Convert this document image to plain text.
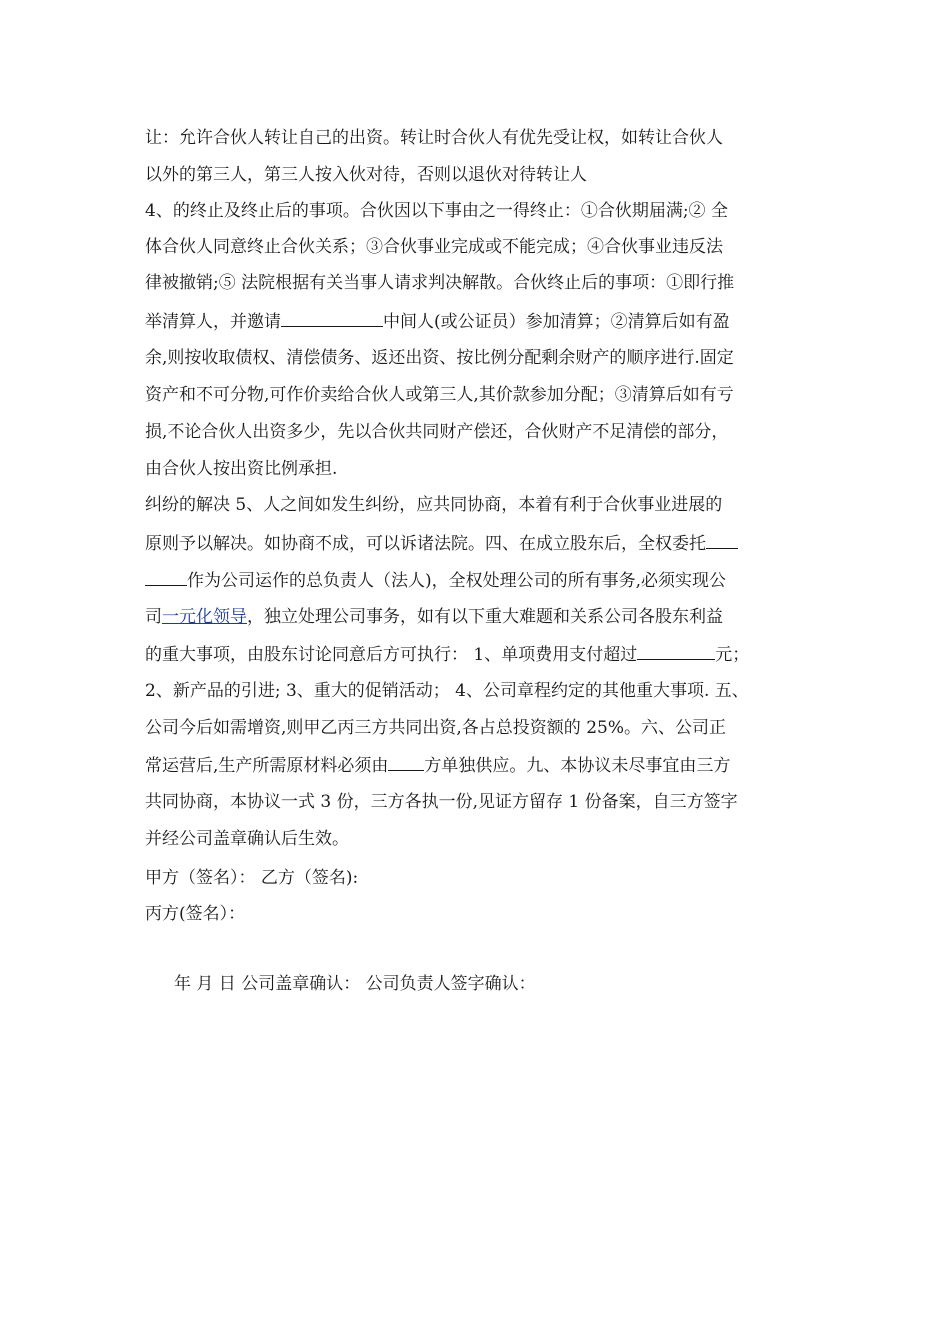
让：允许合伙人转让自己的出资。转让时合伙人有优先受让权，如转让合伙人
以外的第三人，第三人按入伙对待，否则以退伙对待转让人
4、的终止及终止后的事项。合伙因以下事由之一得终止：①合伙期届满;② 全
体合伙人同意终止合伙关系；③合伙事业完成或不能完成；④合伙事业违反法
律被撤销;⑤ 法院根据有关当事人请求判决解散。合伙终止后的事项：①即行推
举清算人，并邀请	中间人(或公证员）参加清算；②清算后如有盈
余,则按收取债权、清偿债务、返还出资、按比例分配剩余财产的顺序进行.固定
资产和不可分物,可作价卖给合伙人或第三人,其价款参加分配；③清算后如有亏
损,不论合伙人出资多少，先以合伙共同财产偿还，合伙财产不足清偿的部分，
由合伙人按出资比例承担.
纠纷的解决 5、人之间如发生纠纷，应共同协商，本着有利于合伙事业进展的
原则予以解决。如协商不成，可以诉诸法院。四、在成立股东后，全权委托
作为公司运作的总负责人（法人)，全权处理公司的所有事务,必须实现公
司一元化领导，独立处理公司事务，如有以下重大难题和关系公司各股东利益
的重大事项，由股东讨论同意后方可执行： 1、单项费用支付超过	元；
2、新产品的引进; 3、重大的促销活动； 4、公司章程约定的其他重大事项. 五、
公司今后如需增资,则甲乙丙三方共同出资,各占总投资额的 25%。六、公司正
常运营后,生产所需原材料必须由 方单独供应。九、本协议未尽事宜由三方
共同协商，本协议一式 3 份，三方各执一份,见证方留存 1 份备案，自三方签字
并经公司盖章确认后生效。
甲方（签名）： 乙方（签名):
丙方(签名）：
年 月 日 公司盖章确认： 公司负责人签字确认：
